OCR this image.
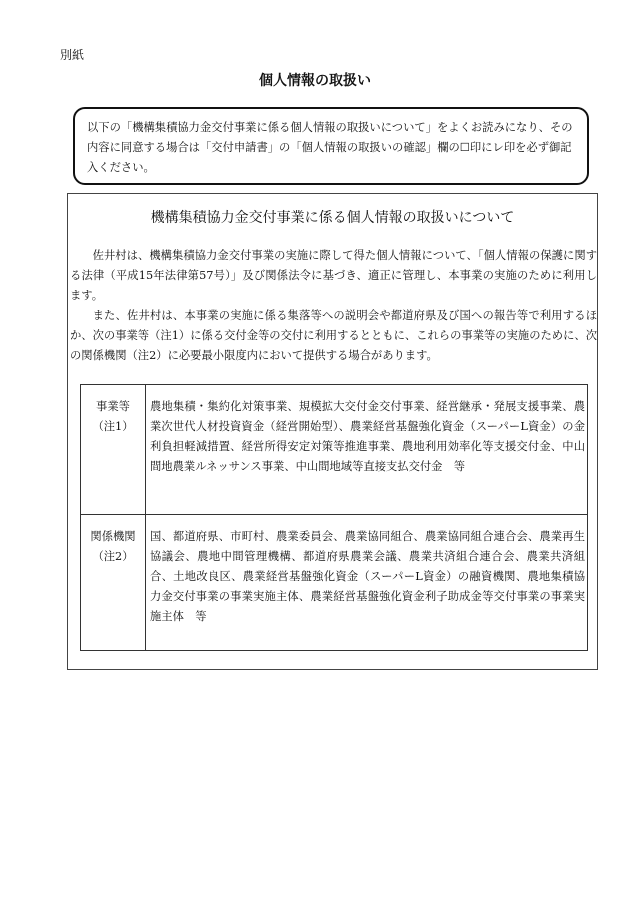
別紙
個人情報の取扱い
以下の「機構集積協力金交付事業に係る個人情報の取扱いについて」をよくお読みになり、その内容に同意する場合は「交付申請書」の「個人情報の取扱いの確認」欄の☐印にレ印を必ず御記入ください。
機構集積協力金交付事業に係る個人情報の取扱いについて

佐井村は、機構集積協力金交付事業の実施に際して得た個人情報について、「個人情報の保護に関する法律（平成15年法律第57号）」及び関係法令に基づき、適正に管理し、本事業の実施のために利用します。

また、佐井村は、本事業の実施に係る集落等への説明会や都道府県及び国への報告等で利用するほか、次の事業等（注1）に係る交付金等の交付に利用するとともに、これらの事業等の実施のために、次の関係機関（注2）に必要最小限度内において提供する場合があります。

事業等
（注1）	農地集積・集約化対策事業、規模拡大交付金交付事業、経営継承・発展支援事業、農業次世代人材投資資金（経営開始型）、農業経営基盤強化資金（スーパーL資金）の金利負担軽減措置、経営所得安定対策等推進事業、農地利用効率化等支援交付金、中山間地農業ルネッサンス事業、中山間地域等直接支払交付金　等

関係機関
（注2）	国、都道府県、市町村、農業委員会、農業協同組合、農業協同組合連合会、農業再生協議会、農地中間管理機構、都道府県農業会議、農業共済組合連合会、農業共済組合、土地改良区、農業経営基盤強化資金（スーパーL資金）の融資機関、農地集積協力金交付事業の事業実施主体、農業経営基盤強化資金利子助成金等交付事業の事業実施主体　等
